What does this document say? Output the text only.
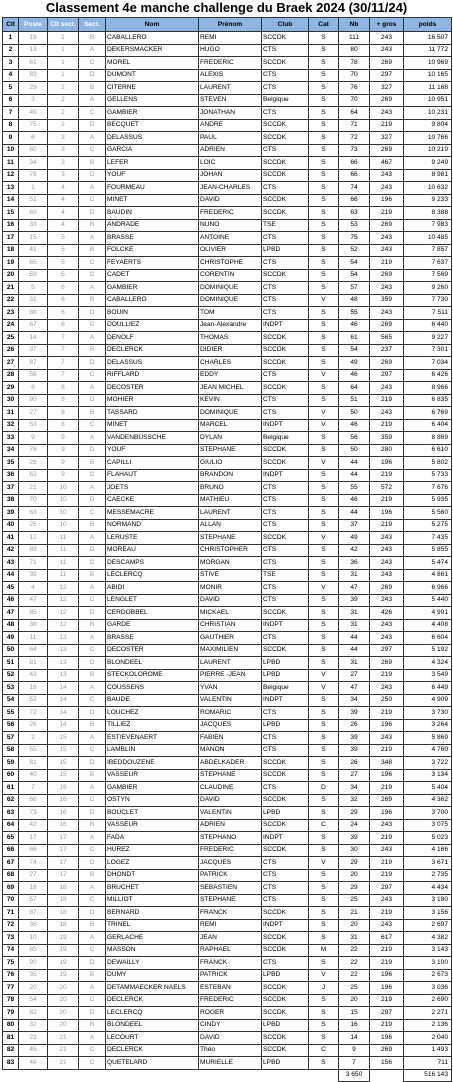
Classement 4e manche challenge du Braek 2024 (30/11/24)
Clt	Poste	Clt sect.	Sect.	Nom	Prénom	Club	Cat	Nb	+ gros	poids
1	19	1	B	CABALLERO	REMI	SCCDK	S	111	243	16 507
2	13	1	A	DEKERSMACKER	HUGO	CTS	S	80	243	11 772
3	61	1	C	MOREL	FREDERIC	SCCDK	S	78	269	10 969
4	83	1	D	DUMONT	ALEXIS	CTS	S	70	297	10 165
5	29	2	B	CITERNE	LAURENT	CTS	S	76	327	11 168
6	3	2	A	GELLENS	STEVEN	Belgique	S	70	269	10 951
7	49	2	C	GAMBIER	JONATHAN	CTS	S	64	243	10 231
8	75	2	D	BECQUET	ANDRE	SCCDK	S	71	219	9 804
9	6	3	A	DELASSUS	PAUL	SCCDK	S	72	327	10 766
10	60	3	C	GARCIA	ADRIEN	CTS	S	73	269	10 219
11	34	3	B	LEFER	LOIC	SCCDK	S	66	467	9 249
12	78	3	D	YOUF	JOHAN	SCCDK	S	66	243	8 981
13	1	4	A	FOURMEAU	JEAN-CHARLES	CTS	S	74	243	10 632
14	51	4	C	MINET	DAVID	SCCDK	S	66	196	9 233
15	69	4	D	BAUDIN	FREDERIC	SCCDK	S	63	219	8 388
16	33	4	B	ANDRADE	NUNO	TSE	S	53	269	7 983
17	15	5	A	BRASSE	ANTOINE	CTS	S	75	243	10 485
18	41	5	B	FOLCKE	OLIVIER	LPBD	S	52	243	7 857
19	65	5	C	FEYAERTS	CHRISTOPHE	CTS	S	54	219	7 637
20	59	5	C	CADET	CORENTIN	SCCDK	S	54	269	7 569
21	5	6	A	GAMBIER	DOMINIQUE	CTS	S	57	243	9 260
22	31	6	B	CABALLERO	DOMINIQUE	CTS	V	48	359	7 730
23	88	6	D	BOUIN	TOM	CTS	S	55	243	7 511
24	67	6	C	DOULLIEZ	Jean-Alexandre	INDPT	S	46	269	6 440
25	14	7	A	DENOLF	THOMAS	SCCDK	S	61	565	9 227
26	37	7	B	DECLERCK	DIDIER	SCCDK	S	54	237	7 301
27	87	7	D	DELASSUS	CHARLES	SCCDK	S	49	269	7 034
28	56	7	C	RIFFLARD	EDDY	CTS	V	46	297	6 426
29	8	8	A	DECOSTER	JEAN MICHEL	SCCDK	S	64	243	8 966
30	90	8	D	MOHIER	KEVIN	CTS	S	51	219	6 835
31	27	8	B	TASSARD	DOMINIQUE	CTS	V	50	243	6 769
32	53	8	C	MINET	MARCEL	INDPT	V	46	219	6 404
33	9	9	A	VANDENBUSSCHE	DYLAN	Belgique	S	56	359	8 869
34	76	9	D	YOUF	STEPHANE	SCCDK	S	50	280	6 610
35	28	9	B	CAPILLI	GIULIO	SCCDK	V	44	196	5 802
36	62	9	C	FLAHAUT	BRANDON	INDPT	S	44	219	5 733
37	21	10	A	JOETS	BRUNO	CTS	S	55	572	7 676
38	70	10	D	CAECKE	MATHIEU	CTS	S	46	219	5 935
39	63	10	C	MESSEMACRE	LAURENT	CTS	S	44	196	5 560
40	25	10	B	NORMAND	ALLAN	CTS	S	37	219	5 275
41	12	11	A	LERUSTE	STEPHANE	SCCDK	V	49	243	7 435
42	89	11	D	MOREAU	CHRISTOPHER	CTS	S	42	243	5 855
43	71	11	C	DESCAMPS	MORGAN	CTS	S	36	243	5 474
44	39	11	B	LECLERCQ	STIVE	TSE	S	31	243	4 861
45	4	12	A	ABIDI	MONIR	CTS	V	47	269	6 966
46	47	12	C	LENGLET	DAVID	CTS	S	39	243	5 440
47	85	12	D	CERDOBBEL	MICKAEL	SCCDK	S	31	426	4 991
48	38	12	B	GARDE	CHRISTIAN	INDPT	S	31	243	4 408
49	11	13	A	BRASSE	GAUTHIER	CTS	S	44	243	6 604
50	64	13	C	DECOSTER	MAXIMILIEN	SCCDK	S	44	297	5 192
51	81	13	D	BLONDEEL	LAURENT	LPBD	S	31	269	4 324
52	43	13	B	STECKOLOROME	PIERRE -JEAN	LPBD	V	27	219	3 549
53	16	14	A	COUSSENS	YVAN	Belgique	V	47	243	6 449
54	52	14	C	BAUDE	VALENTIN	INDPT	S	34	250	4 909
55	72	14	D	LOUCHEZ	ROMARIC	CTS	S	39	219	3 730
56	26	14	B	TILLIEZ	JACQUES	LPBD	S	26	196	3 264
57	2	15	A	ESTIEVENAERT	FABIEN	CTS	S	39	243	5 869
58	55	15	C	LAMBLIN	MANON	CTS	S	39	219	4 760
59	81	15	D	IBEDDOUZENE	ABDELKADER	SCCDK	S	26	348	3 722
60	40	15	B	VASSEUR	STEPHANE	SCCDK	S	27	196	3 134
61	7	16	A	GAMBIER	CLAUDINE	CTS	D	34	219	5 404
62	66	16	C	OSTYN	DAVID	SCCDK	S	32	269	4 362
63	73	16	D	BOUCLET	VALENTIN	LPBD	S	29	196	3 700
64	42	16	B	VASSEUR	ADRIEN	SCCDK	C	24	243	3 075
65	17	17	A	FADA	STEPHANO	INDPT	S	39	219	5 023
66	66	17	C	HUREZ	FREDERIC	SCCDK	S	30	243	4 166
67	74	17	D	LOGEZ	JACQUES	CTS	V	29	219	3 671
68	27	17	B	DHONDT	PATRICK	CTS	S	20	219	2 735
69	18	18	A	BRUCHET	SEBASTIEN	CTS	S	29	297	4 434
70	57	18	C	MILLIOT	STEPHANE	CTS	S	25	243	3 180
71	87	18	D	BERNARD	FRANCK	SCCDK	S	21	219	3 156
72	36	18	B	TRINEL	REMI	INDPT	S	20	243	2 697
73	10	19	A	GERLACHE	JEAN	SCCDK	S	31	617	4 382
74	65	19	C	MASSON	RAPHAEL	SCCDK	M	22	219	3 143
75	90	19	D	DEWAILLY	FRANCK	CTS	S	22	219	3 100
76	35	19	B	DUMY	PATRICK	LPBD	V	22	196	2 673
77	20	20	A	DETAMMAECKER NAELS	ESTEBAN	SCCDK	J	25	196	3 036
78	54	20	C	DECLERCK	FREDERIC	SCCDK	S	20	219	2 690
79	82	20	D	LECLERCQ	ROGER	SCCDK	S	15	297	2 271
80	32	20	B	BLONDEEL	CINDY	LPBD	S	16	219	2 136
81	23	21	A	LECOURT	DAVID	SCCDK	S	14	196	2 040
82	45	21	C	DECLERCK	Théo	SCCDK	C	9	269	1 493
83	48	21	C	QUETELARD	MURIELLE	LPBD	S	7	156	711
								3 650		516 143
